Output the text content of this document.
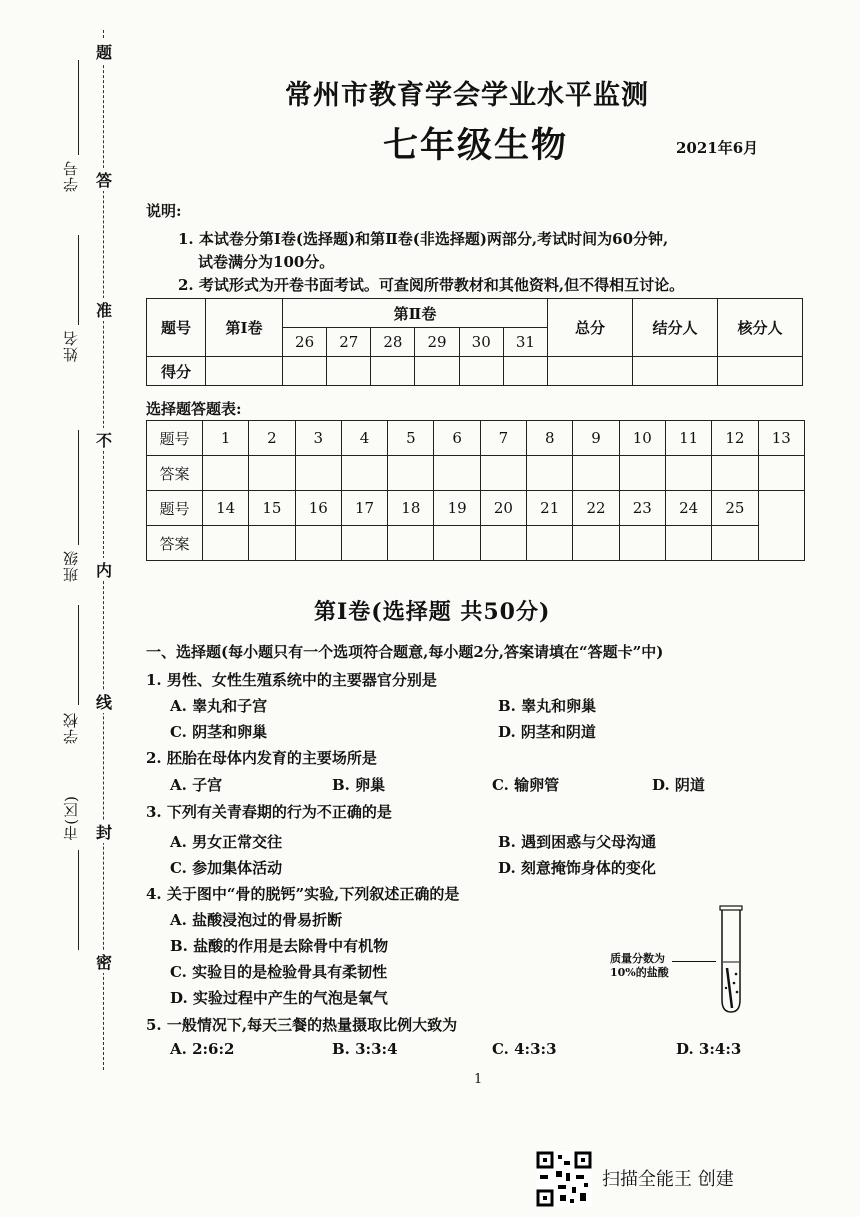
题
答
准
不
内
线
封
密
学号
姓名
班级
学校
市(区)
常州市教育学会学业水平监测
七年级生物	2021年6月
说明:
1. 本试卷分第Ⅰ卷(选择题)和第Ⅱ卷(非选择题)两部分,考试时间为60分钟,
试卷满分为100分。
2. 考试形式为开卷书面考试。可查阅所带教材和其他资料,但不得相互讨论。
题号	第Ⅰ卷	第Ⅱ卷						总分	结分人	核分人
		26	27	28	29	30	31			
得分										
选择题答题表:
题号	1	2	3	4	5	6	7	8	9	10	11	12	13
答案													
题号	14	15	16	17	18	19	20	21	22	23	24	25	
答案													
第Ⅰ卷(选择题 共50分)
一、选择题(每小题只有一个选项符合题意,每小题2分,答案请填在“答题卡”中)
1. 男性、女性生殖系统中的主要器官分别是
A. 睾丸和子宫	B. 睾丸和卵巢
C. 阴茎和卵巢	D. 阴茎和阴道
2. 胚胎在母体内发育的主要场所是
A. 子宫	B. 卵巢	C. 输卵管	D. 阴道
3. 下列有关青春期的行为不正确的是
A. 男女正常交往	B. 遇到困惑与父母沟通
C. 参加集体活动	D. 刻意掩饰身体的变化
4. 关于图中“骨的脱钙”实验,下列叙述正确的是
A. 盐酸浸泡过的骨易折断
B. 盐酸的作用是去除骨中有机物
C. 实验目的是检验骨具有柔韧性
D. 实验过程中产生的气泡是氧气
质量分数为
10%的盐酸
5. 一般情况下,每天三餐的热量摄取比例大致为
A. 2:6:2	B. 3:3:4	C. 4:3:3	D. 3:4:3
1
扫描全能王 创建
